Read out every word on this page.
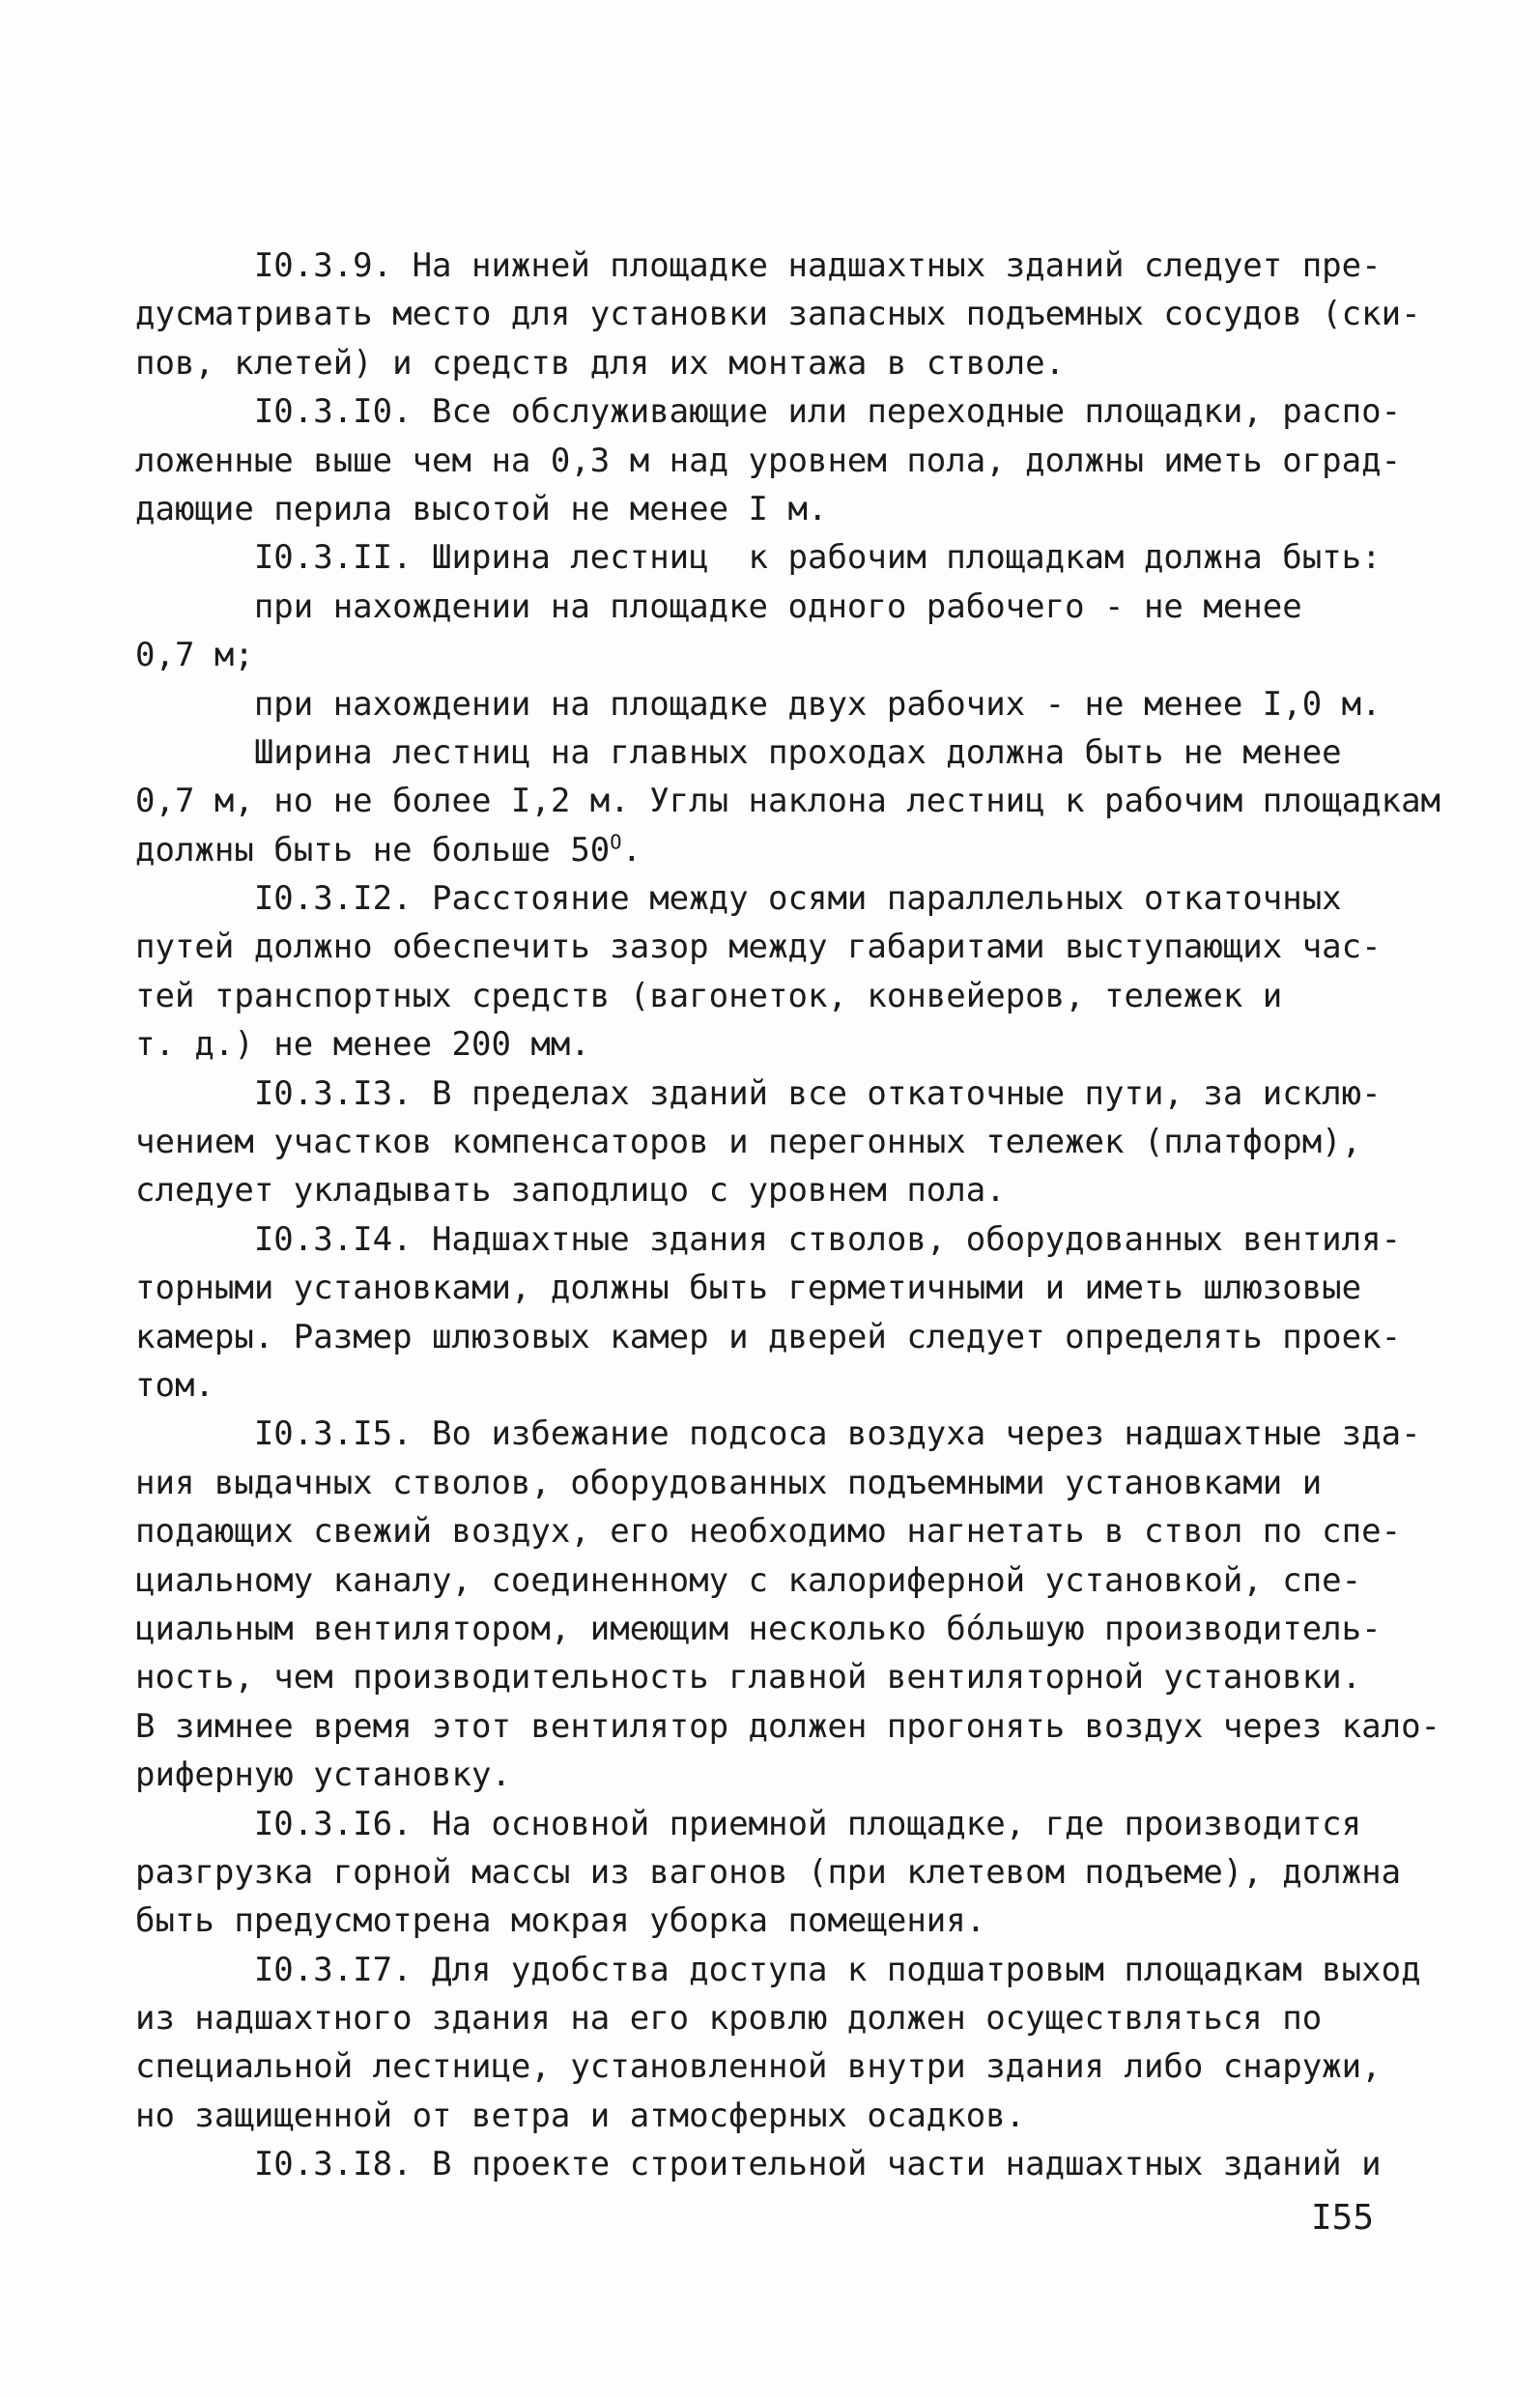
I0.3.9. На нижней площадке надшахтных зданий следует пре-
дусматривать место для установки запасных подъемных сосудов (ски-
пов, клетей) и средств для их монтажа в стволе.
I0.3.I0. Все обслуживающие или переходные площадки, распо-
ложенные выше чем на 0,3 м над уровнем пола, должны иметь оград-
дающие перила высотой не менее I м.
I0.3.II. Ширина лестниц  к рабочим площадкам должна быть:
при нахождении на площадке одного рабочего - не менее
0,7 м;
при нахождении на площадке двух рабочих - не менее I,0 м.
Ширина лестниц на главных проходах должна быть не менее
0,7 м, но не более I,2 м. Углы наклона лестниц к рабочим площадкам
должны быть не больше $50^O$.
I0.3.I2. Расстояние между осями параллельных откаточных
путей должно обеспечить зазор между габаритами выступающих час-
тей транспортных средств (вагонеток, конвейеров, тележек и
т. д.) не менее 200 мм.
I0.3.I3. В пределах зданий все откаточные пути, за исклю-
чением участков компенсаторов и перегонных тележек (платформ),
следует укладывать заподлицо с уровнем пола.
I0.3.I4. Надшахтные здания стволов, оборудованных вентиля-
торными установками, должны быть герметичными и иметь шлюзовые
камеры. Размер шлюзовых камер и дверей следует определять проек-
том.
I0.3.I5. Во избежание подсоса воздуха через надшахтные зда-
ния выдачных стволов, оборудованных подъемными установками и
подающих свежий воздух, его необходимо нагнетать в ствол по спе-
циальному каналу, соединенному с калориферной установкой, спе-
циальным вентилятором, имеющим несколько бо́льшую производитель-
ность, чем производительность главной вентиляторной установки.
В зимнее время этот вентилятор должен прогонять воздух через кало-
риферную установку.
I0.3.I6. На основной приемной площадке, где производится
разгрузка горной массы из вагонов (при клетевом подъеме), должна
быть предусмотрена мокрая уборка помещения.
I0.3.I7. Для удобства доступа к подшатровым площадкам выход
из надшахтного здания на его кровлю должен осуществляться по
специальной лестнице, установленной внутри здания либо снаружи,
но защищенной от ветра и атмосферных осадков.
I0.3.I8. В проекте строительной части надшахтных зданий и
I55
